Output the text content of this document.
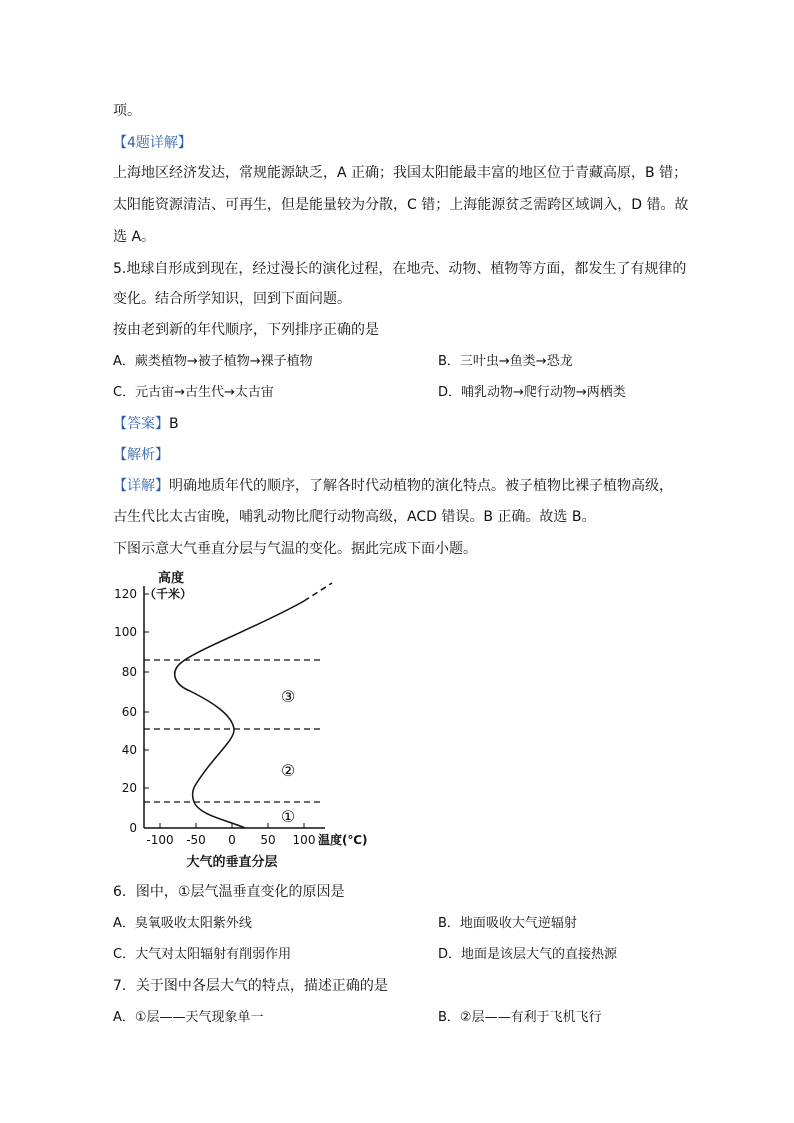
项。
【4题详解】
上海地区经济发达，常规能源缺乏，A 正确；我国太阳能最丰富的地区位于青藏高原，B 错；
太阳能资源清洁、可再生，但是能量较为分散，C 错；上海能源贫乏需跨区域调入，D 错。故
选 A。
5.地球自形成到现在，经过漫长的演化过程，在地壳、动物、植物等方面，都发生了有规律的
变化。结合所学知识，回到下面问题。
按由老到新的年代顺序，下列排序正确的是
A．蕨类植物→被子植物→裸子植物	B．三叶虫→鱼类→恐龙
C．元古宙→古生代→太古宙	D．哺乳动物→爬行动物→两栖类
【答案】B
【解析】
【详解】明确地质年代的顺序，了解各时代动植物的演化特点。被子植物比裸子植物高级，
古生代比太古宙晚，哺乳动物比爬行动物高级，ACD 错误。B 正确。故选 B。
下图示意大气垂直分层与气温的变化。据此完成下面小题。
高度
（千米）
120
100
80
60
40
20
0
-100 -50 0 50 100 温度(℃)
③
②
①
大气的垂直分层
6．图中，①层气温垂直变化的原因是
A．臭氧吸收太阳紫外线	B．地面吸收大气逆辐射
C．大气对太阳辐射有削弱作用	D．地面是该层大气的直接热源
7．关于图中各层大气的特点，描述正确的是
A．①层——天气现象单一	B．②层——有利于飞机飞行
